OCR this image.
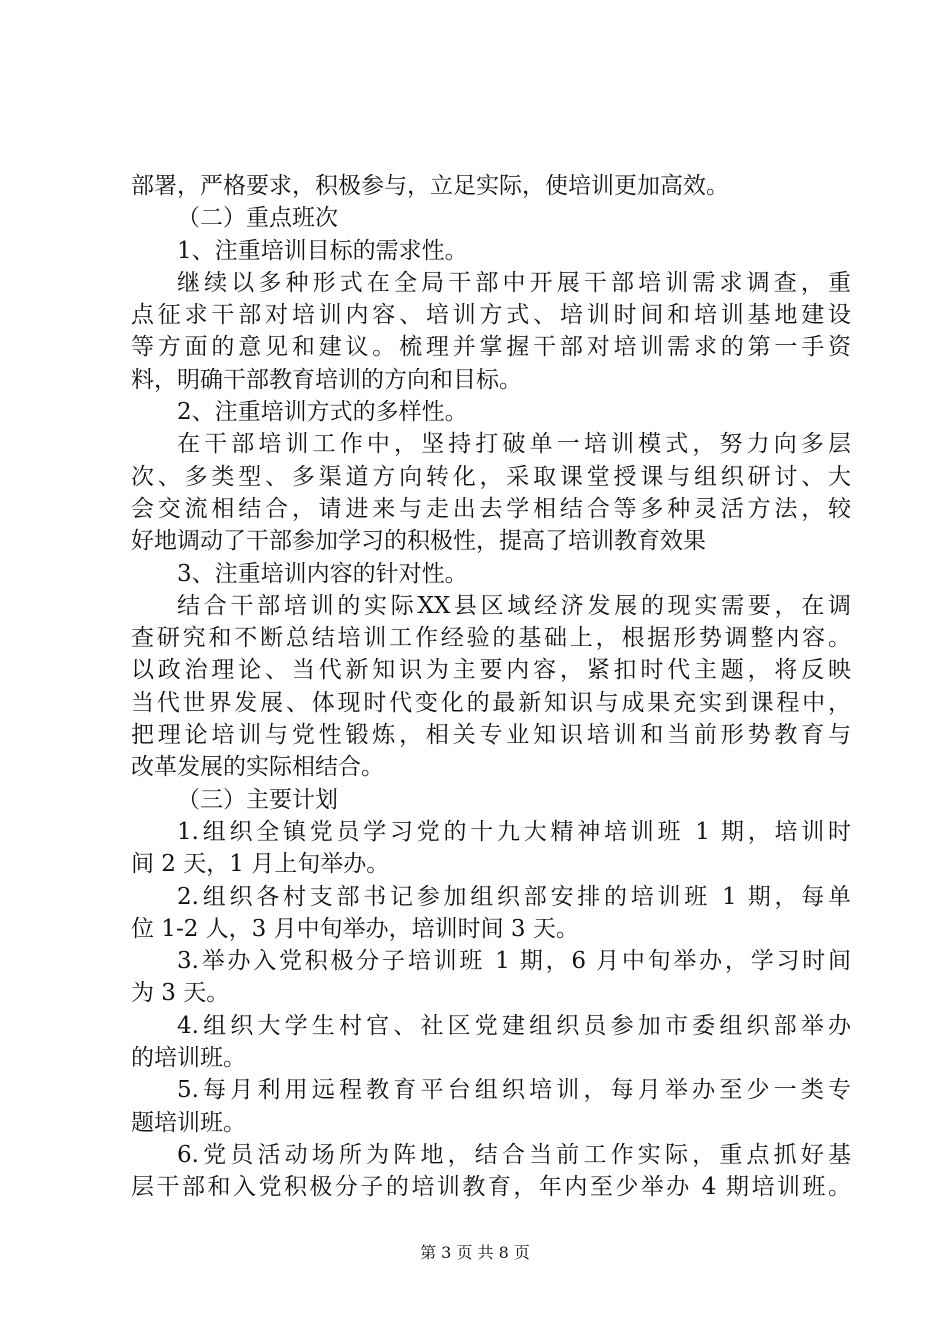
部署，严格要求，积极参与，立足实际，使培训更加高效。
（二）重点班次
1、注重培训目标的需求性。
继续以多种形式在全局干部中开展干部培训需求调查，重
点征求干部对培训内容、培训方式、培训时间和培训基地建设
等方面的意见和建议。梳理并掌握干部对培训需求的第一手资
料，明确干部教育培训的方向和目标。
2、注重培训方式的多样性。
在干部培训工作中，坚持打破单一培训模式，努力向多层
次、多类型、多渠道方向转化，采取课堂授课与组织研讨、大
会交流相结合，请进来与走出去学相结合等多种灵活方法，较
好地调动了干部参加学习的积极性，提高了培训教育效果
3、注重培训内容的针对性。
结合干部培训的实际XX县区域经济发展的现实需要，在调
查研究和不断总结培训工作经验的基础上，根据形势调整内容。
以政治理论、当代新知识为主要内容，紧扣时代主题，将反映
当代世界发展、体现时代变化的最新知识与成果充实到课程中，
把理论培训与党性锻炼，相关专业知识培训和当前形势教育与
改革发展的实际相结合。
（三）主要计划
1.组织全镇党员学习党的十九大精神培训班 1 期，培训时
间 2 天，1 月上旬举办。
2.组织各村支部书记参加组织部安排的培训班 1 期，每单
位 1-2 人，3 月中旬举办，培训时间 3 天。
3.举办入党积极分子培训班 1 期，6 月中旬举办，学习时间
为 3 天。
4.组织大学生村官、社区党建组织员参加市委组织部举办
的培训班。
5.每月利用远程教育平台组织培训，每月举办至少一类专
题培训班。
6.党员活动场所为阵地，结合当前工作实际，重点抓好基
层干部和入党积极分子的培训教育，年内至少举办 4 期培训班。
第 3 页 共 8 页
